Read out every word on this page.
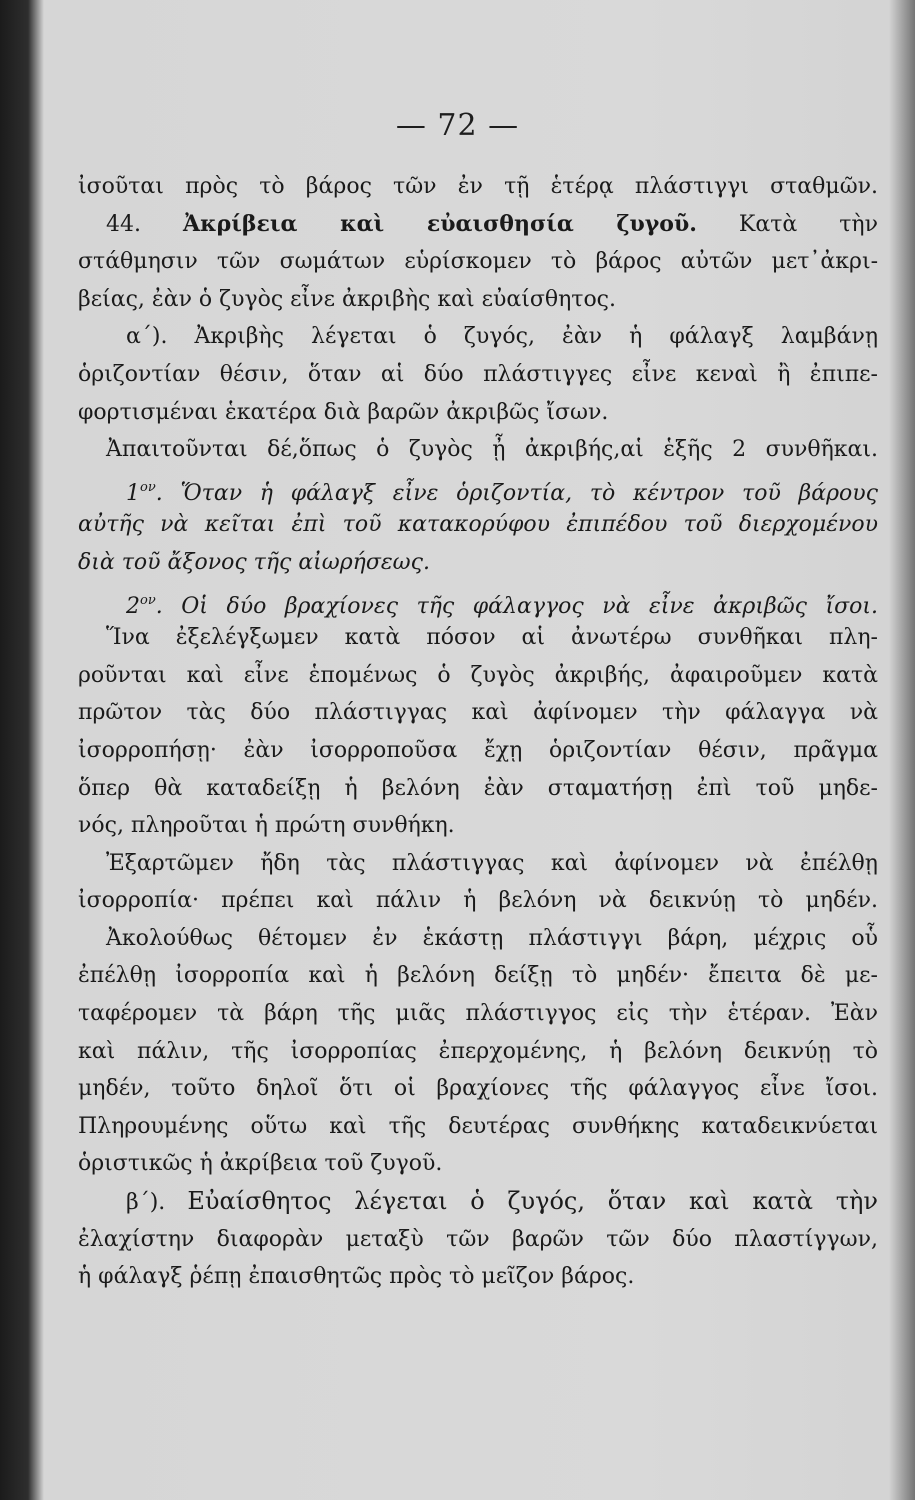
— 72 —
ἰσοῦται πρὸς τὸ βάρος τῶν ἐν τῇ ἑτέρᾳ πλάστιγγι σταθμῶν.
44. Ἀκρίβεια καὶ εὐαισθησία ζυγοῦ. Κατὰ τὴν
στάθμησιν τῶν σωμάτων εὑρίσκομεν τὸ βάρος αὐτῶν μετ᾽ἀκρι-
βείας, ἐὰν ὁ ζυγὸς εἶνε ἀκριβὴς καὶ εὐαίσθητος.
α´). Ἀκριβὴς λέγεται ὁ ζυγός, ἐὰν ἡ φάλαγξ λαμβάνῃ
ὁριζοντίαν θέσιν, ὅταν αἱ δύο πλάστιγγες εἶνε κεναὶ ἢ ἐπιπε-
φορτισμέναι ἑκατέρα διὰ βαρῶν ἀκριβῶς ἴσων.
Ἀπαιτοῦνται δέ,ὅπως ὁ ζυγὸς ᾖ ἀκριβής,αἱ ἑξῆς 2 συνθῆκαι.
$1^{o\nu}$. Ὅταν ἡ φάλαγξ εἶνε ὁριζοντία, τὸ κέντρον τοῦ βάρους
αὐτῆς νὰ κεῖται ἐπὶ τοῦ κατακορύφου ἐπιπέδου τοῦ διερχομένου
διὰ τοῦ ἄξονος τῆς αἰωρήσεως.
$2^{o\nu}$. Οἱ δύο βραχίονες τῆς φάλαγγος νὰ εἶνε ἀκριβῶς ἴσοι.
Ἵνα ἐξελέγξωμεν κατὰ πόσον αἱ ἀνωτέρω συνθῆκαι πλη-
ροῦνται καὶ εἶνε ἑπομένως ὁ ζυγὸς ἀκριβής, ἀφαιροῦμεν κατὰ
πρῶτον τὰς δύο πλάστιγγας καὶ ἀφίνομεν τὴν φάλαγγα νὰ
ἰσορροπήσῃ· ἐὰν ἰσορροποῦσα ἔχῃ ὁριζοντίαν θέσιν, πρᾶγμα
ὅπερ θὰ καταδείξῃ ἡ βελόνη ἐὰν σταματήσῃ ἐπὶ τοῦ μηδε-
νός, πληροῦται ἡ πρώτη συνθήκη.
Ἐξαρτῶμεν ἤδη τὰς πλάστιγγας καὶ ἀφίνομεν νὰ ἐπέλθῃ
ἰσορροπία· πρέπει καὶ πάλιν ἡ βελόνη νὰ δεικνύῃ τὸ μηδέν.
Ἀκολούθως θέτομεν ἐν ἑκάστῃ πλάστιγγι βάρη, μέχρις οὗ
ἐπέλθῃ ἰσορροπία καὶ ἡ βελόνη δείξῃ τὸ μηδέν· ἔπειτα δὲ με-
ταφέρομεν τὰ βάρη τῆς μιᾶς πλάστιγγος εἰς τὴν ἑτέραν. Ἐὰν
καὶ πάλιν, τῆς ἰσορροπίας ἐπερχομένης, ἡ βελόνη δεικνύῃ τὸ
μηδέν, τοῦτο δηλοῖ ὅτι οἱ βραχίονες τῆς φάλαγγος εἶνε ἴσοι.
Πληρουμένης οὕτω καὶ τῆς δευτέρας συνθήκης καταδεικνύεται
ὁριστικῶς ἡ ἀκρίβεια τοῦ ζυγοῦ.
β´). Εὐαίσθητος λέγεται ὁ ζυγός, ὅταν καὶ κατὰ τὴν
ἐλαχίστην διαφορὰν μεταξὺ τῶν βαρῶν τῶν δύο πλαστίγγων,
ἡ φάλαγξ ῥέπῃ ἐπαισθητῶς πρὸς τὸ μεῖζον βάρος.
